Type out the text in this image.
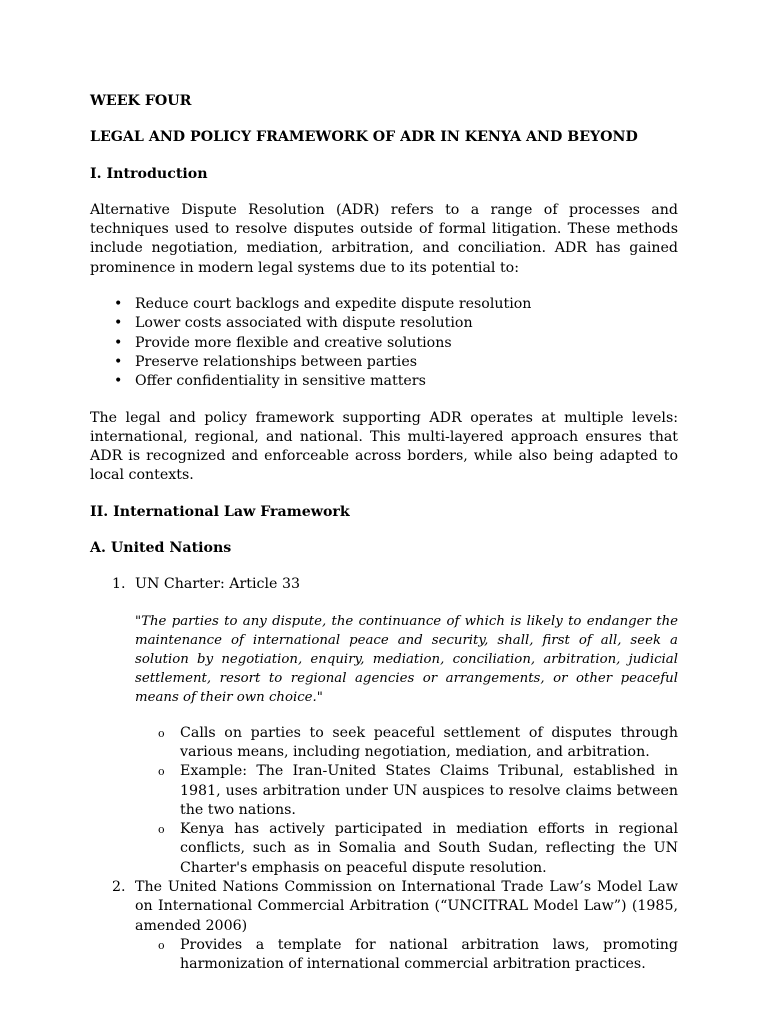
WEEK FOUR
LEGAL AND POLICY FRAMEWORK OF ADR IN KENYA AND BEYOND
I. Introduction

Alternative Dispute Resolution (ADR) refers to a range of processes and techniques used to resolve disputes outside of formal litigation. These methods include negotiation, mediation, arbitration, and conciliation. ADR has gained prominence in modern legal systems due to its potential to:

• Reduce court backlogs and expedite dispute resolution
• Lower costs associated with dispute resolution
• Provide more flexible and creative solutions
• Preserve relationships between parties
• Offer confidentiality in sensitive matters

The legal and policy framework supporting ADR operates at multiple levels: international, regional, and national. This multi-layered approach ensures that ADR is recognized and enforceable across borders, while also being adapted to local contexts.

II. International Law Framework
A. United Nations
1. UN Charter: Article 33
"The parties to any dispute, the continuance of which is likely to endanger the maintenance of international peace and security, shall, first of all, seek a solution by negotiation, enquiry, mediation, conciliation, arbitration, judicial settlement, resort to regional agencies or arrangements, or other peaceful means of their own choice."
o Calls on parties to seek peaceful settlement of disputes through various means, including negotiation, mediation, and arbitration.
o Example: The Iran-United States Claims Tribunal, established in 1981, uses arbitration under UN auspices to resolve claims between the two nations.
o Kenya has actively participated in mediation efforts in regional conflicts, such as in Somalia and South Sudan, reflecting the UN Charter's emphasis on peaceful dispute resolution.
2. The United Nations Commission on International Trade Law’s Model Law on International Commercial Arbitration (“UNCITRAL Model Law”) (1985, amended 2006)
o Provides a template for national arbitration laws, promoting harmonization of international commercial arbitration practices.
